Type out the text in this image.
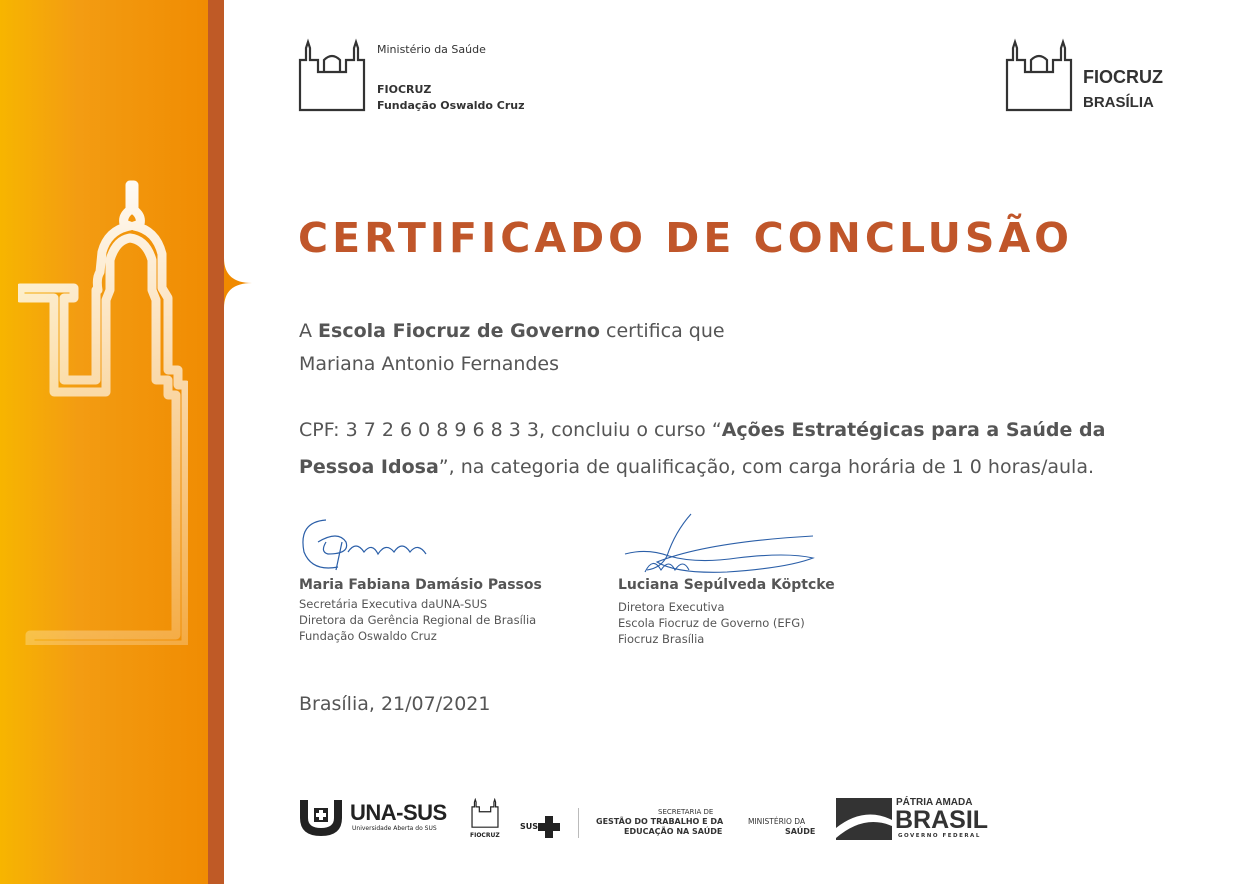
Ministério da Saúde
FIOCRUZ
Fundação Oswaldo Cruz
FIOCRUZ
BRASÍLIA
CERTIFICADO DE CONCLUSÃO
A Escola Fiocruz de Governo certifica que
Mariana Antonio Fernandes
CPF: 3 7 2 6 0 8 9 6 8 3 3, concluiu o curso “Ações Estratégicas para a Saúde da Pessoa Idosa”, na categoria de qualificação, com carga horária de 1 0 horas/aula.
Maria Fabiana Damásio Passos
Secretária Executiva daUNA-SUS
Diretora da Gerência Regional de Brasília
Fundação Oswaldo Cruz
Luciana Sepúlveda Köptcke
Diretora Executiva
Escola Fiocruz de Governo (EFG)
Fiocruz Brasília
Brasília, 21/07/2021
UNA-SUS
Universidade Aberta do SUS
FIOCRUZ
SUS
SECRETARIA DE
GESTÃO DO TRABALHO E DA
EDUCAÇÃO NA SAÚDE
MINISTÉRIO DA
SAÚDE
PÁTRIA AMADA
BRASIL
GOVERNO FEDERAL
